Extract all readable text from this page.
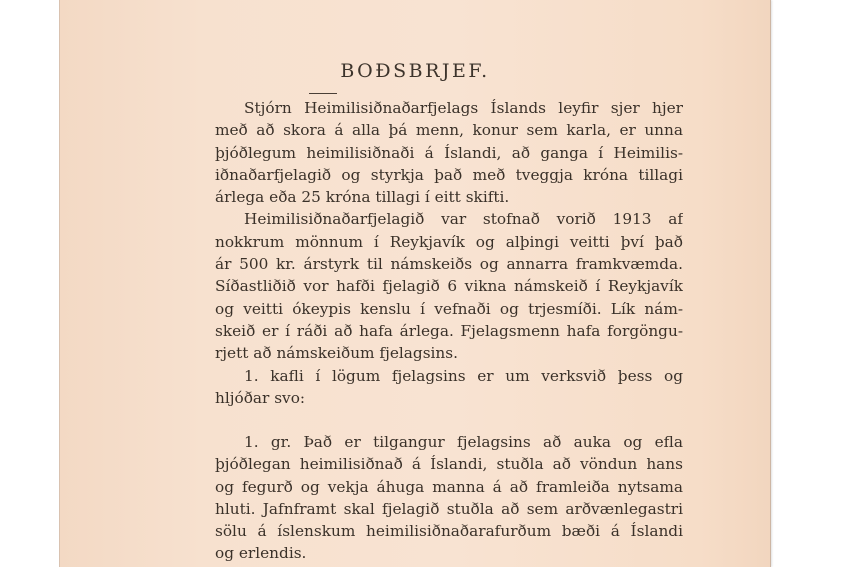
BOÐSBRJEF.
Stjórn Heimilisiðnaðarfjelags Íslands leyfir sjer hjer
með að skora á alla þá menn, konur sem karla, er unna
þjóðlegum heimilisiðnaði á Íslandi, að ganga í Heimilis-
iðnaðarfjelagið og styrkja það með tveggja króna tillagi
árlega eða 25 króna tillagi í eitt skifti.
Heimilisiðnaðarfjelagið var stofnað vorið 1913 af
nokkrum mönnum í Reykjavík og alþingi veitti því það
ár 500 kr. árstyrk til námskeiðs og annarra framkvæmda.
Síðastliðið vor hafði fjelagið 6 vikna námskeið í Reykjavík
og veitti ókeypis kenslu í vefnaði og trjesmíði. Lík nám-
skeið er í ráði að hafa árlega. Fjelagsmenn hafa forgöngu-
rjett að námskeiðum fjelagsins.
1. kafli í lögum fjelagsins er um verksvið þess og
hljóðar svo:
1. gr. Það er tilgangur fjelagsins að auka og efla
þjóðlegan heimilisiðnað á Íslandi, stuðla að vöndun hans
og fegurð og vekja áhuga manna á að framleiða nytsama
hluti. Jafnframt skal fjelagið stuðla að sem arðvænlegastri
sölu á íslenskum heimilisiðnaðarafurðum bæði á Íslandi
og erlendis.
